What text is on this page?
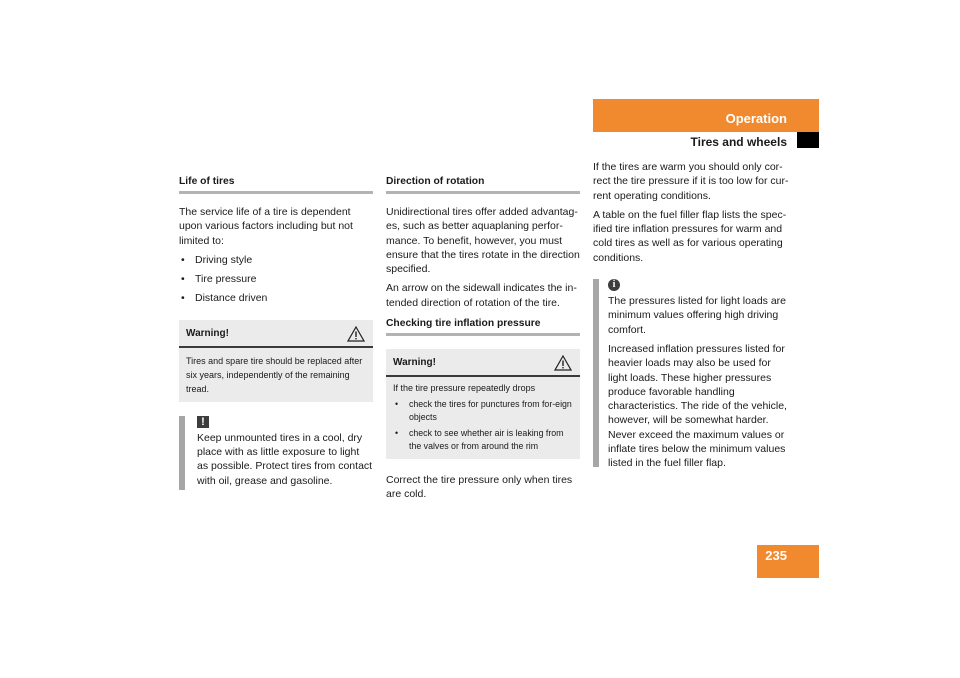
Operation
Tires and wheels
Life of tires

The service life of a tire is dependent upon various factors including but not limited to:

• Driving style
• Tire pressure
• Distance driven
Warning!

Tires and spare tire should be replaced after six years, independently of the remaining tread.

!

Keep unmounted tires in a cool, dry place with as little exposure to light as possible. Protect tires from contact with oil, grease and gasoline.

Direction of rotation

Unidirectional tires offer added advantag-es, such as better aquaplaning perfor-mance. To benefit, however, you must ensure that the tires rotate in the direction specified.

An arrow on the sidewall indicates the in-tended direction of rotation of the tire.

Checking tire inflation pressure
Warning!

If the tire pressure repeatedly drops

• check the tires for punctures from for-eign objects
• check to see whether air is leaking from the valves or from around the rim

Correct the tire pressure only when tires are cold.

If the tires are warm you should only cor-rect the tire pressure if it is too low for cur-rent operating conditions.

A table on the fuel filler flap lists the spec-ified tire inflation pressures for warm and cold tires as well as for various operating conditions.

i

The pressures listed for light loads are minimum values offering high driving comfort.

Increased inflation pressures listed for heavier loads may also be used for light loads. These higher pressures produce favorable handling characteristics. The ride of the vehicle, however, will be somewhat harder. Never exceed the maximum values or inflate tires below the minimum values listed in the fuel filler flap.

235
